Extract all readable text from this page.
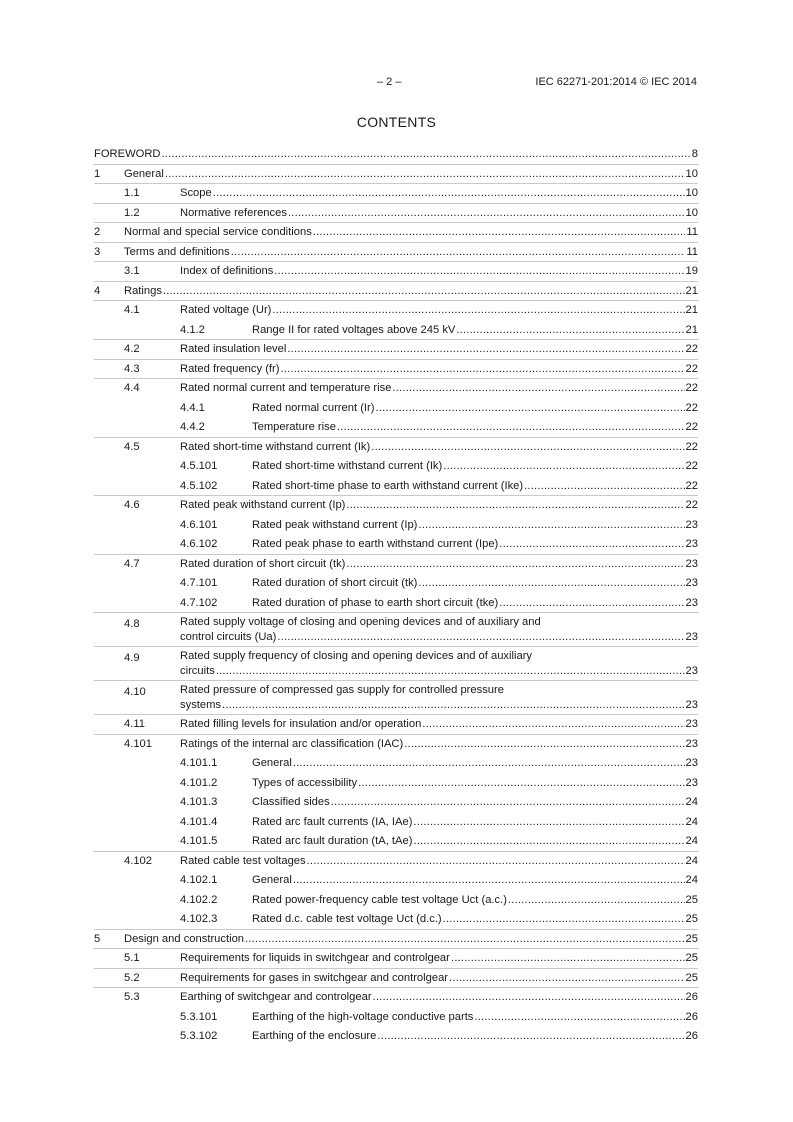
– 2 –	IEC 62271-201:2014 © IEC 2014
CONTENTS
FOREWORD .....	8
1 General .....	10
1.1	Scope .....	10
1.2	Normative references .....	10
2 Normal and special service conditions .....	11
3 Terms and definitions .....	11
3.1	Index of definitions .....	19
4 Ratings .....	21
4.1	Rated voltage (Ur) .....	21
4.1.2	Range II for rated voltages above 245 kV .....	21
4.2	Rated insulation level .....	22
4.3	Rated frequency (fr) .....	22
4.4	Rated normal current and temperature rise .....	22
4.4.1	Rated normal current (Ir) .....	22
4.4.2	Temperature rise .....	22
4.5	Rated short-time withstand current (Ik) .....	22
4.5.101	Rated short-time withstand current (Ik) .....	22
4.5.102	Rated short-time phase to earth withstand current (Ike) .....	22
4.6	Rated peak withstand current (Ip) .....	22
4.6.101	Rated peak withstand current (Ip) .....	23
4.6.102	Rated peak phase to earth withstand current (Ipe) .....	23
4.7	Rated duration of short circuit (tk) .....	23
4.7.101	Rated duration of short circuit (tk) .....	23
4.7.102	Rated duration of phase to earth short circuit (tke) .....	23
4.8	Rated supply voltage of closing and opening devices and of auxiliary and
control circuits (Ua) .....	23
4.9	Rated supply frequency of closing and opening devices and of auxiliary
circuits .....	23
4.10	Rated pressure of compressed gas supply for controlled pressure
systems .....	23
4.11	Rated filling levels for insulation and/or operation .....	23
4.101	Ratings of the internal arc classification (IAC) .....	23
4.101.1	General .....	23
4.101.2	Types of accessibility .....	23
4.101.3	Classified sides .....	24
4.101.4	Rated arc fault currents (IA, IAe) .....	24
4.101.5	Rated arc fault duration (tA, tAe) .....	24
4.102	Rated cable test voltages .....	24
4.102.1	General .....	24
4.102.2	Rated power-frequency cable test voltage Uct (a.c.) .....	25
4.102.3	Rated d.c. cable test voltage Uct (d.c.) .....	25
5 Design and construction .....	25
5.1	Requirements for liquids in switchgear and controlgear .....	25
5.2	Requirements for gases in switchgear and controlgear .....	25
5.3	Earthing of switchgear and controlgear .....	26
5.3.101	Earthing of the high-voltage conductive parts .....	26
5.3.102	Earthing of the enclosure .....	26
